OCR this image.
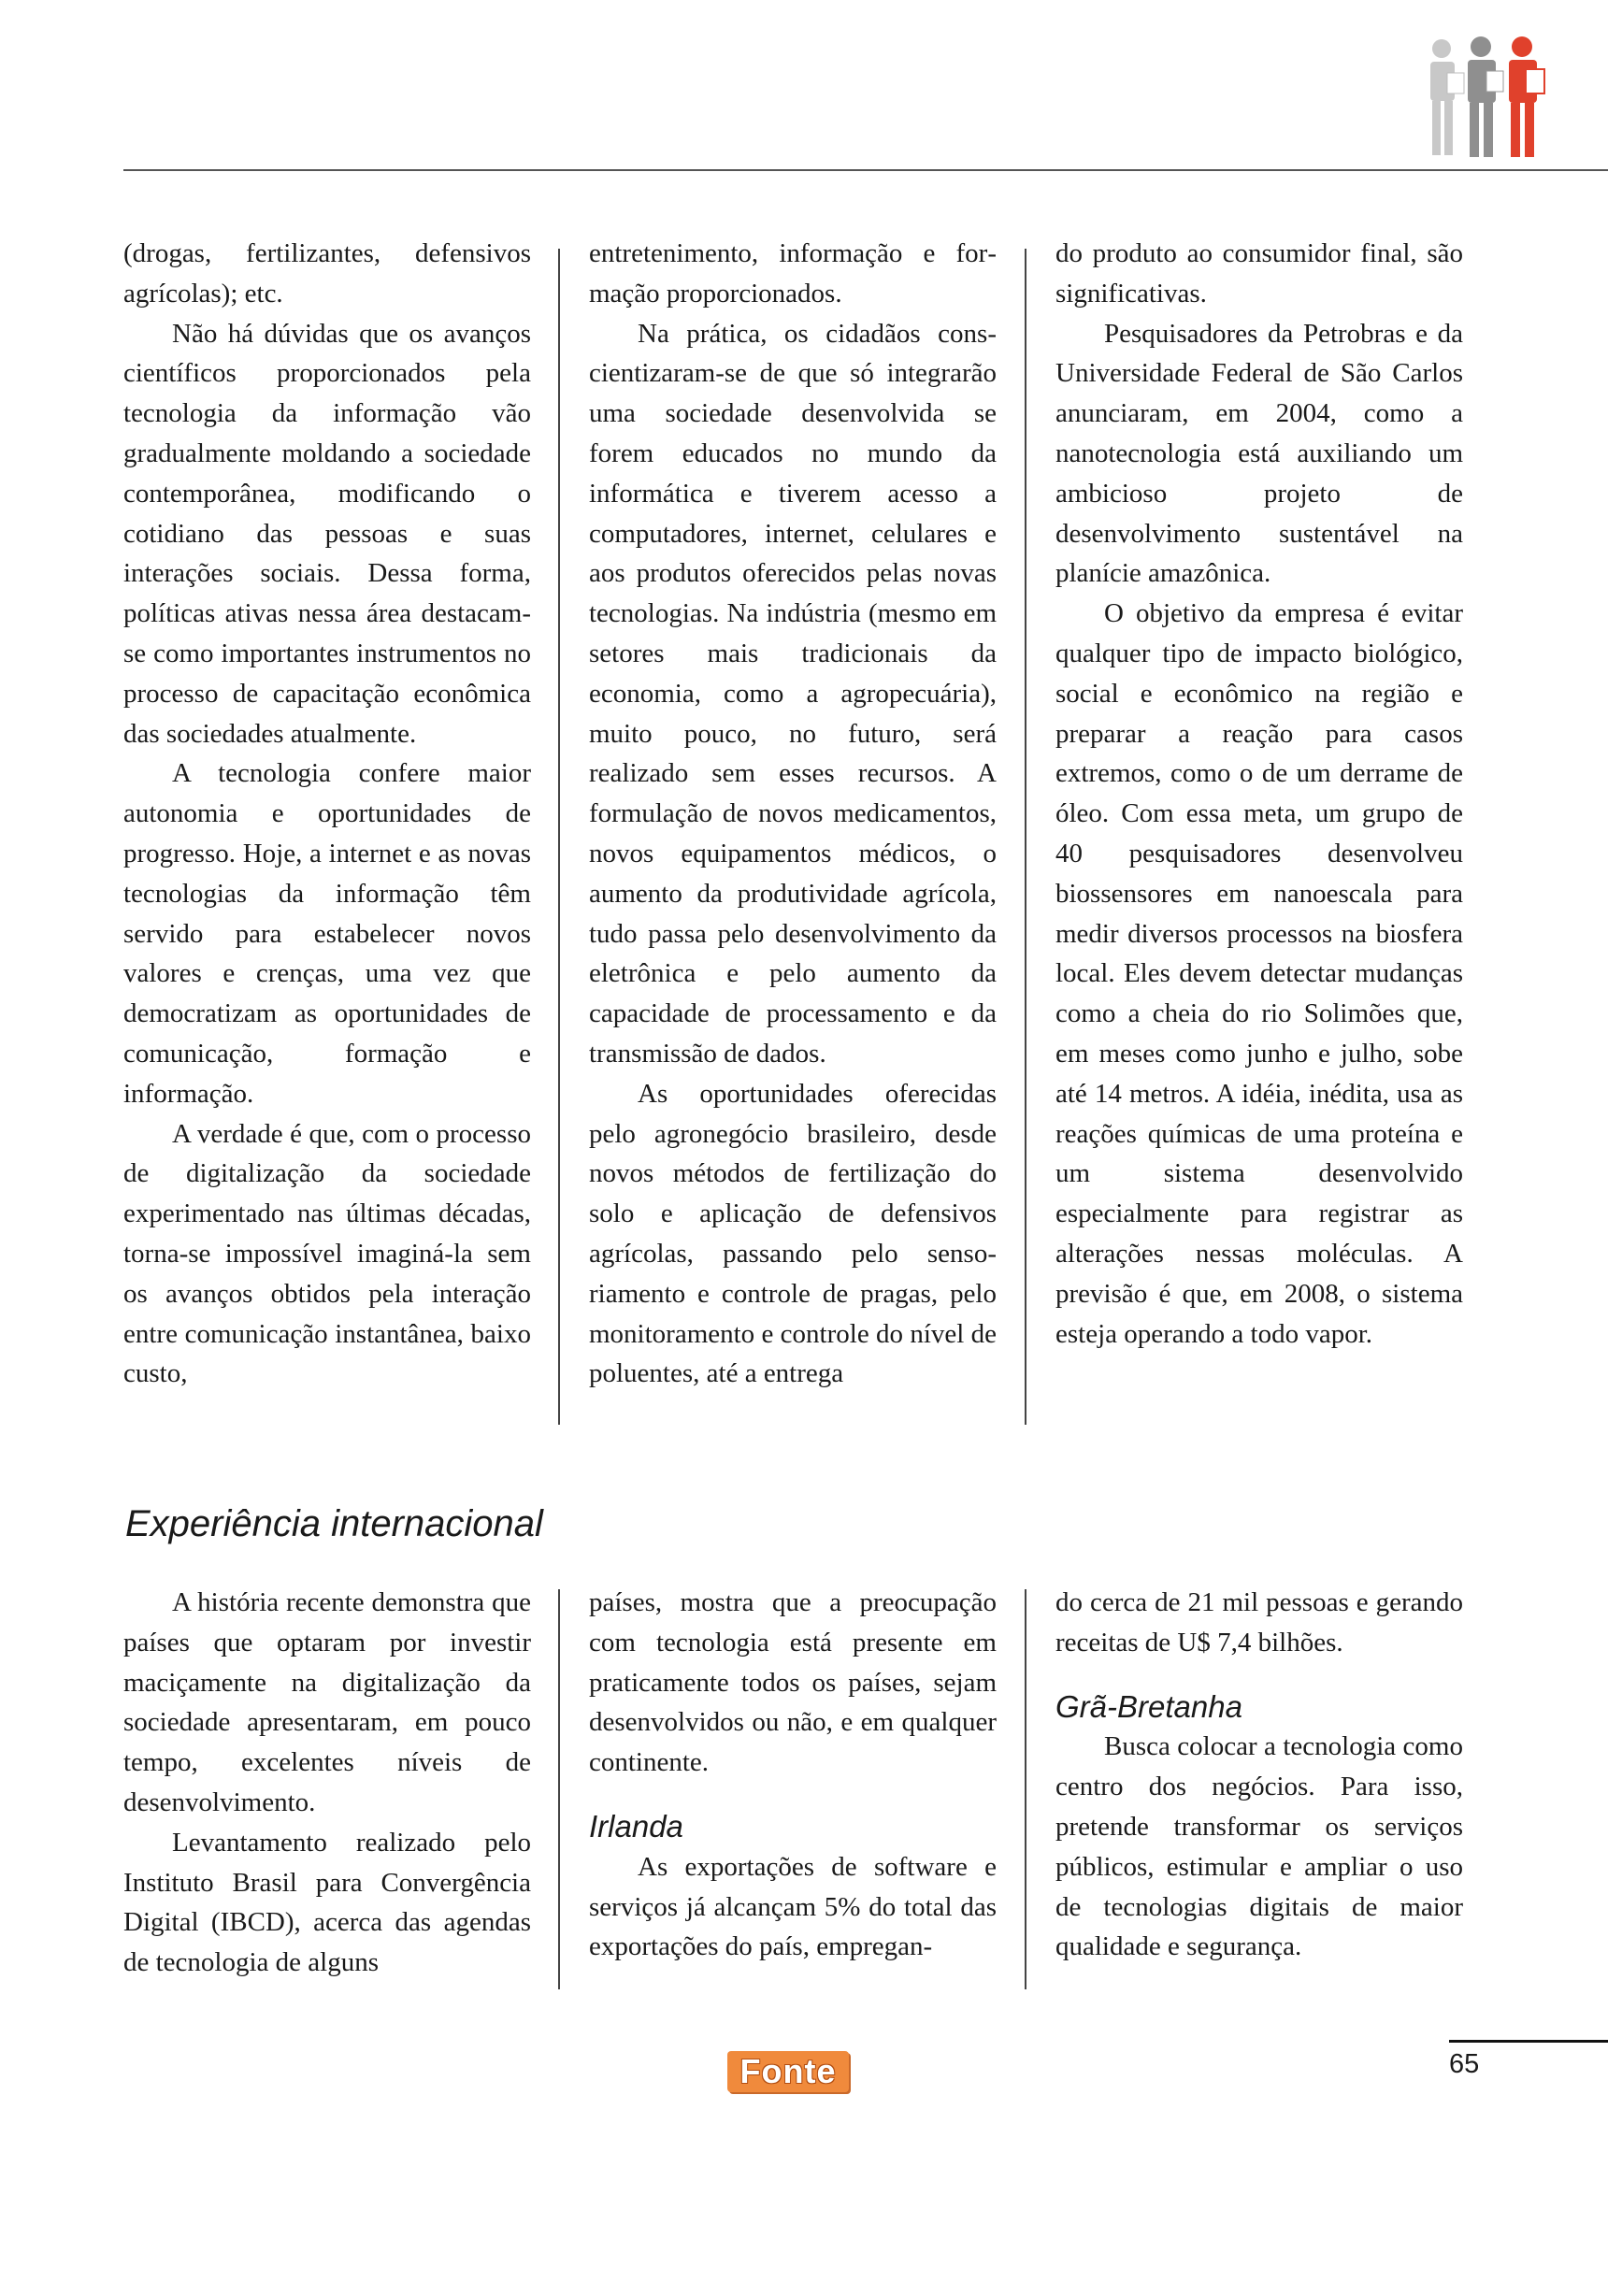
(drogas, fertilizantes, defensivos agrícolas); etc.

Não há dúvidas que os avanços científicos proporcionados pela tecnologia da informação vão gradualmente moldando a sociedade contemporânea, modificando o cotidiano das pessoas e suas interações sociais. Dessa forma, políticas ativas nessa área destacam-se como importantes instrumentos no processo de capacitação econômica das sociedades atualmente.

A tecnologia confere maior autonomia e oportunidades de progresso. Hoje, a internet e as novas tecnologias da informação têm servido para estabelecer novos valores e crenças, uma vez que democratizam as oportunidades de comunicação, formação e informação.

A verdade é que, com o processo de digitalização da sociedade experimentado nas últimas décadas, torna-se impossível imaginá-la sem os avanços obtidos pela interação entre comunicação instantânea, baixo custo,

entretenimento, informação e formação proporcionados.

Na prática, os cidadãos conscientizaram-se de que só integrarão uma sociedade desenvolvida se forem educados no mundo da informática e tiverem acesso a computadores, internet, celulares e aos produtos oferecidos pelas novas tecnologias. Na indústria (mesmo em setores mais tradicionais da economia, como a agropecuária), muito pouco, no futuro, será realizado sem esses recursos. A formulação de novos medicamentos, novos equipamentos médicos, o aumento da produtividade agrícola, tudo passa pelo desenvolvimento da eletrônica e pelo aumento da capacidade de processamento e da transmissão de dados.

As oportunidades oferecidas pelo agronegócio brasileiro, desde novos métodos de fertilização do solo e aplicação de defensivos agrícolas, passando pelo sensoriamento e controle de pragas, pelo monitoramento e controle do nível de poluentes, até a entrega

do produto ao consumidor final, são significativas.

Pesquisadores da Petrobras e da Universidade Federal de São Carlos anunciaram, em 2004, como a nanotecnologia está auxiliando um ambicioso projeto de desenvolvimento sustentável na planície amazônica.

O objetivo da empresa é evitar qualquer tipo de impacto biológico, social e econômico na região e preparar a reação para casos extremos, como o de um derrame de óleo. Com essa meta, um grupo de 40 pesquisadores desenvolveu biossensores em nanoescala para medir diversos processos na biosfera local. Eles devem detectar mudanças como a cheia do rio Solimões que, em meses como junho e julho, sobe até 14 metros. A idéia, inédita, usa as reações químicas de uma proteína e um sistema desenvolvido especialmente para registrar as alterações nessas moléculas. A previsão é que, em 2008, o sistema esteja operando a todo vapor.

Experiência internacional

A história recente demonstra que países que optaram por investir maciçamente na digitalização da sociedade apresentaram, em pouco tempo, excelentes níveis de desenvolvimento.

Levantamento realizado pelo Instituto Brasil para Convergência Digital (IBCD), acerca das agendas de tecnologia de alguns

países, mostra que a preocupação com tecnologia está presente em praticamente todos os países, sejam desenvolvidos ou não, e em qualquer continente.

Irlanda

As exportações de software e serviços já alcançam 5% do total das exportações do país, empregan-

do cerca de 21 mil pessoas e gerando receitas de U$ 7,4 bilhões.

Grã-Bretanha

Busca colocar a tecnologia como centro dos negócios. Para isso, pretende transformar os serviços públicos, estimular e ampliar o uso de tecnologias digitais de maior qualidade e segurança.

Fonte	65
